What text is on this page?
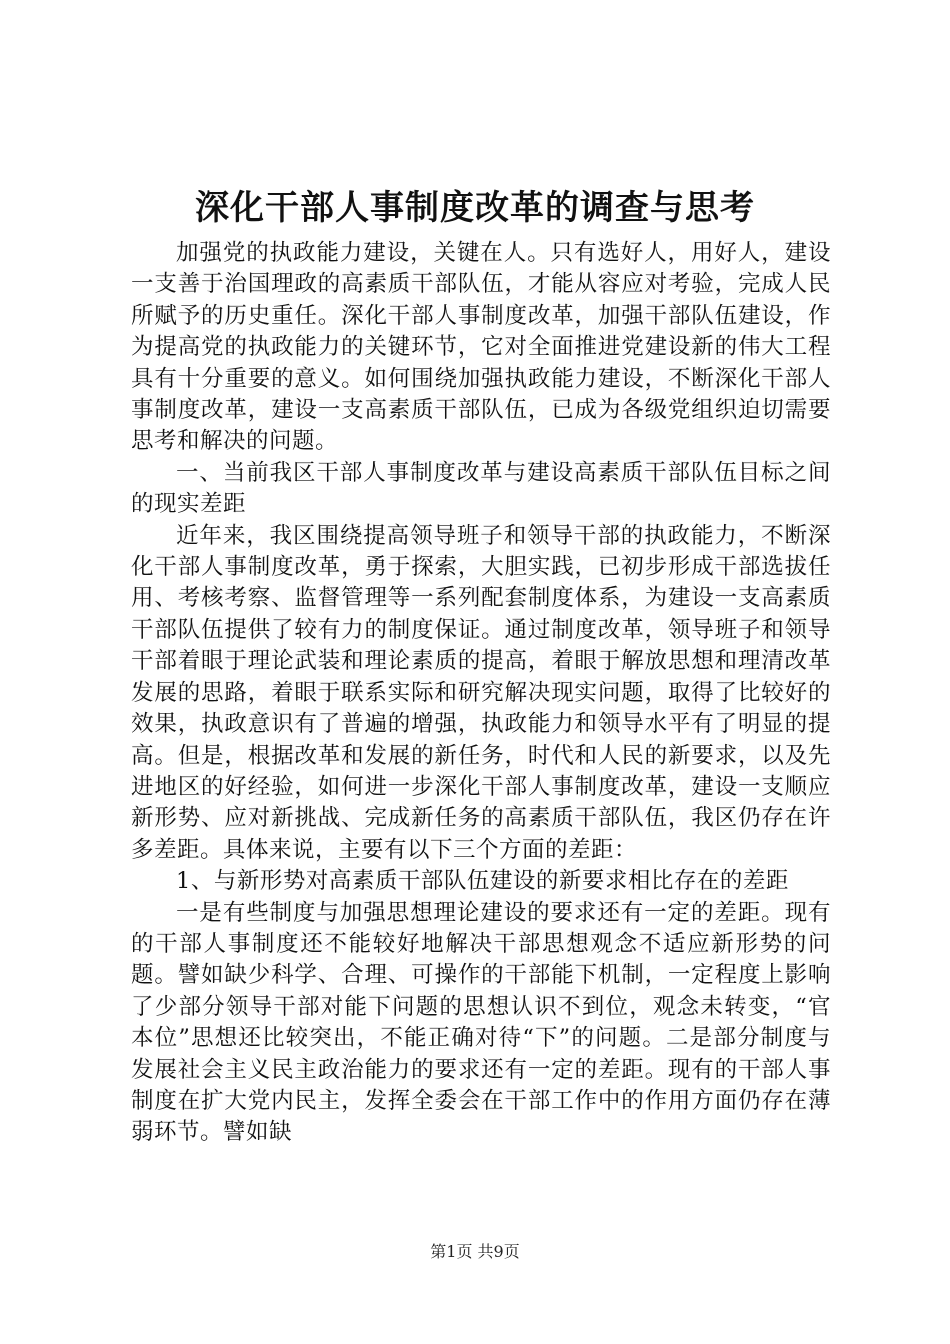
深化干部人事制度改革的调查与思考

加强党的执政能力建设，关键在人。只有选好人，用好人，建设一支善于治国理政的高素质干部队伍，才能从容应对考验，完成人民所赋予的历史重任。深化干部人事制度改革，加强干部队伍建设，作为提高党的执政能力的关键环节，它对全面推进党建设新的伟大工程具有十分重要的意义。如何围绕加强执政能力建设，不断深化干部人事制度改革，建设一支高素质干部队伍，已成为各级党组织迫切需要思考和解决的问题。

一、当前我区干部人事制度改革与建设高素质干部队伍目标之间的现实差距

近年来，我区围绕提高领导班子和领导干部的执政能力，不断深化干部人事制度改革，勇于探索，大胆实践，已初步形成干部选拔任用、考核考察、监督管理等一系列配套制度体系，为建设一支高素质干部队伍提供了较有力的制度保证。通过制度改革，领导班子和领导干部着眼于理论武装和理论素质的提高，着眼于解放思想和理清改革发展的思路，着眼于联系实际和研究解决现实问题，取得了比较好的效果，执政意识有了普遍的增强，执政能力和领导水平有了明显的提高。但是，根据改革和发展的新任务，时代和人民的新要求，以及先进地区的好经验，如何进一步深化干部人事制度改革，建设一支顺应新形势、应对新挑战、完成新任务的高素质干部队伍，我区仍存在许多差距。具体来说，主要有以下三个方面的差距：

1、与新形势对高素质干部队伍建设的新要求相比存在的差距

一是有些制度与加强思想理论建设的要求还有一定的差距。现有的干部人事制度还不能较好地解决干部思想观念不适应新形势的问题。譬如缺少科学、合理、可操作的干部能下机制，一定程度上影响了少部分领导干部对能下问题的思想认识不到位，观念未转变，“官本位”思想还比较突出，不能正确对待“下”的问题。二是部分制度与发展社会主义民主政治能力的要求还有一定的差距。现有的干部人事制度在扩大党内民主，发挥全委会在干部工作中的作用方面仍存在薄弱环节。譬如缺

第1页 共9页
